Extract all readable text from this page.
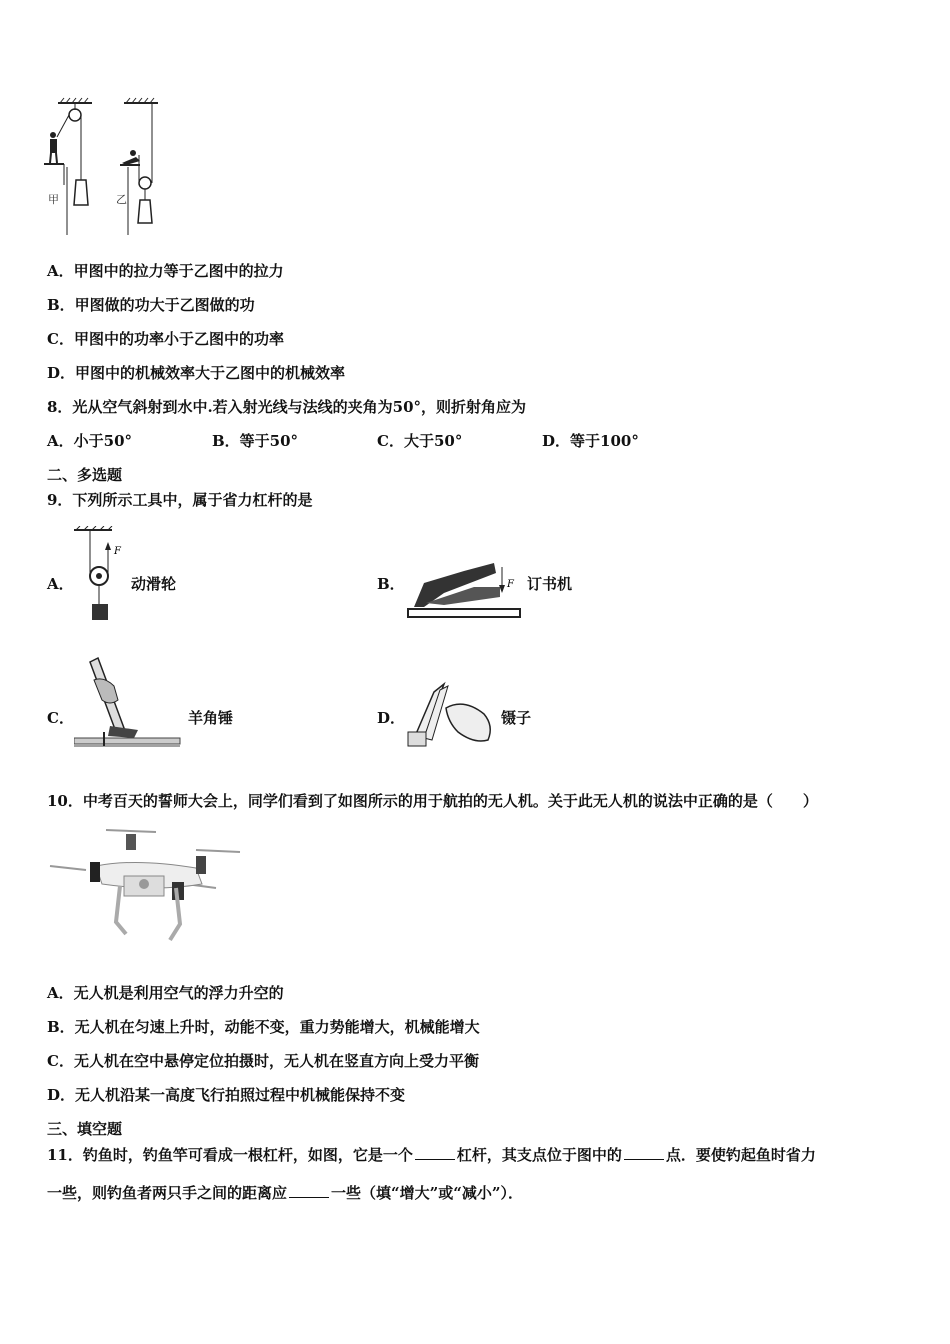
甲	乙
A．甲图中的拉力等于乙图中的拉力
B．甲图做的功大于乙图做的功
C．甲图中的功率小于乙图中的功率
D．甲图中的机械效率大于乙图中的机械效率
8．光从空气斜射到水中.若入射光线与法线的夹角为50°，则折射角应为
A．小于50°	B．等于50°	C．大于50°	D．等于100°
二、多选题
9．下列所示工具中，属于省力杠杆的是
A．
F
动滑轮	B．	F 订书机
C．	羊角锤	D．	镊子
10．中考百天的誓师大会上，同学们看到了如图所示的用于航拍的无人机。关于此无人机的说法中正确的是（　　）
A．无人机是利用空气的浮力升空的
B．无人机在匀速上升时，动能不变，重力势能增大，机械能增大
C．无人机在空中悬停定位拍摄时，无人机在竖直方向上受力平衡
D．无人机沿某一高度飞行拍照过程中机械能保持不变
三、填空题
11．钓鱼时，钓鱼竿可看成一根杠杆，如图，它是一个	杠杆，其支点位于图中的	点．要使钓起鱼时省力
一些，则钓鱼者两只手之间的距离应	一些（填“增大”或“减小”）．
